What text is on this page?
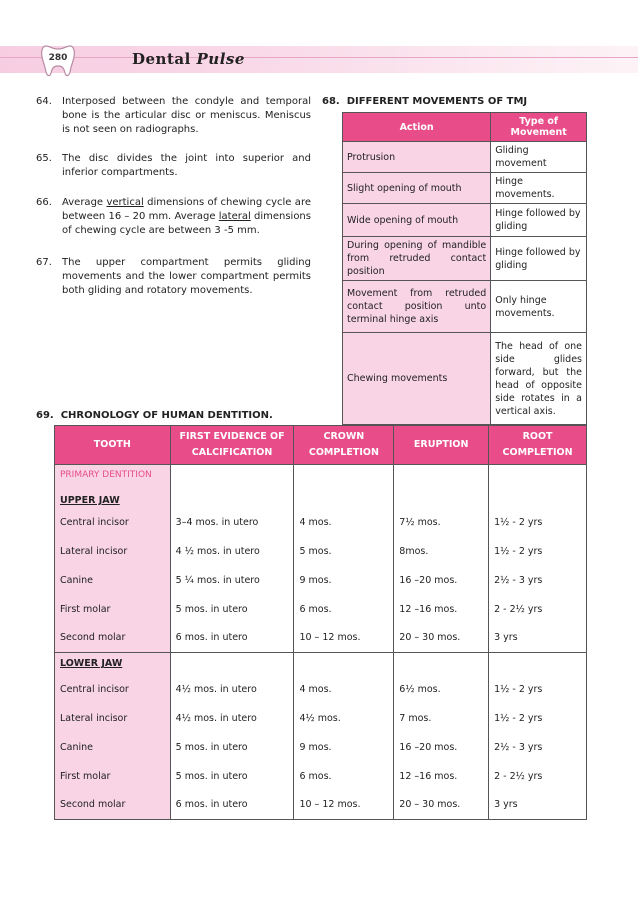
280	Dental Pulse
64. Interposed between the condyle and temporal bone is the articular disc or meniscus. Meniscus is not seen on radiographs.
65. The disc divides the joint into superior and inferior compartments.
66. Average vertical dimensions of chewing cycle are between 16 – 20 mm. Average lateral dimensions of chewing cycle are between 3 -5 mm.
67. The upper compartment permits gliding movements and the lower compartment permits both gliding and rotatory movements.
68. DIFFERENT MOVEMENTS OF TMJ
Action	Type of Movement
Protrusion	Gliding movement
Slight opening of mouth	Hinge movements.
Wide opening of mouth	Hinge followed by gliding
During opening of mandible from retruded contact position	Hinge followed by gliding
Movement from retruded contact position unto terminal hinge axis	Only hinge movements.
Chewing movements	The head of one side glides forward, but the head of opposite side rotates in a vertical axis.
69. CHRONOLOGY OF HUMAN DENTITION.
TOOTH	FIRST EVIDENCE OF CALCIFICATION	CROWN COMPLETION	ERUPTION	ROOT COMPLETION
PRIMARY DENTITION				
UPPER JAW				
Central incisor	3–4 mos. in utero	4 mos.	7½ mos.	1½ - 2 yrs
Lateral incisor	4 ½ mos. in utero	5 mos.	8mos.	1½ - 2 yrs
Canine	5 ¼ mos. in utero	9 mos.	16 –20 mos.	2½ - 3 yrs
First molar	5 mos. in utero	6 mos.	12 –16 mos.	2 - 2½ yrs
Second molar	6 mos. in utero	10 – 12 mos.	20 – 30 mos.	3 yrs
LOWER JAW				
Central incisor	4½ mos. in utero	4 mos.	6½ mos.	1½ - 2 yrs
Lateral incisor	4½ mos. in utero	4½ mos.	7 mos.	1½ - 2 yrs
Canine	5 mos. in utero	9 mos.	16 –20 mos.	2½ - 3 yrs
First molar	5 mos. in utero	6 mos.	12 –16 mos.	2 - 2½ yrs
Second molar	6 mos. in utero	10 – 12 mos.	20 – 30 mos.	3 yrs
